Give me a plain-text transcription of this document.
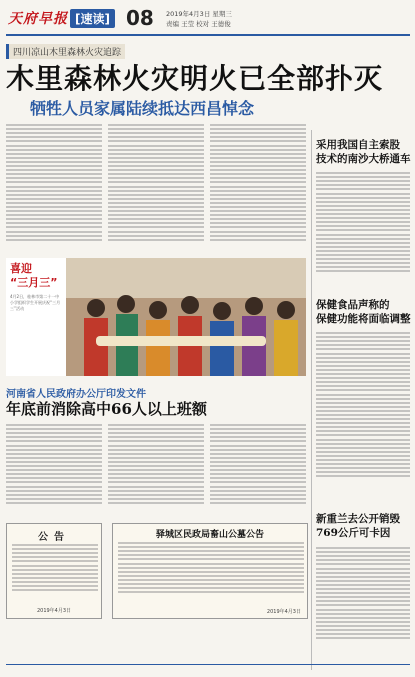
天府早报 [速读] 08 2019年4月3日 星期三
责编 王莹 校对 王德俊
四川凉山木里森林火灾追踪
木里森林火灾明火已全部扑灭
牺牲人员家属陆续抵达西昌悼念
喜迎
“三月三”
4月2日，桂林市第二十一中小学组织学生开展庆祝“三月三”活动
河南省人民政府办公厅印发文件
年底前消除高中66人以上班额
公告
2019年4月3日
驿城区民政局畜山公墓公告
2019年4月3日
采用我国自主索股
技术的南沙大桥通车
保健食品声称的
保健功能将面临调整
新重兰去公开销毁
769公斤可卡因
